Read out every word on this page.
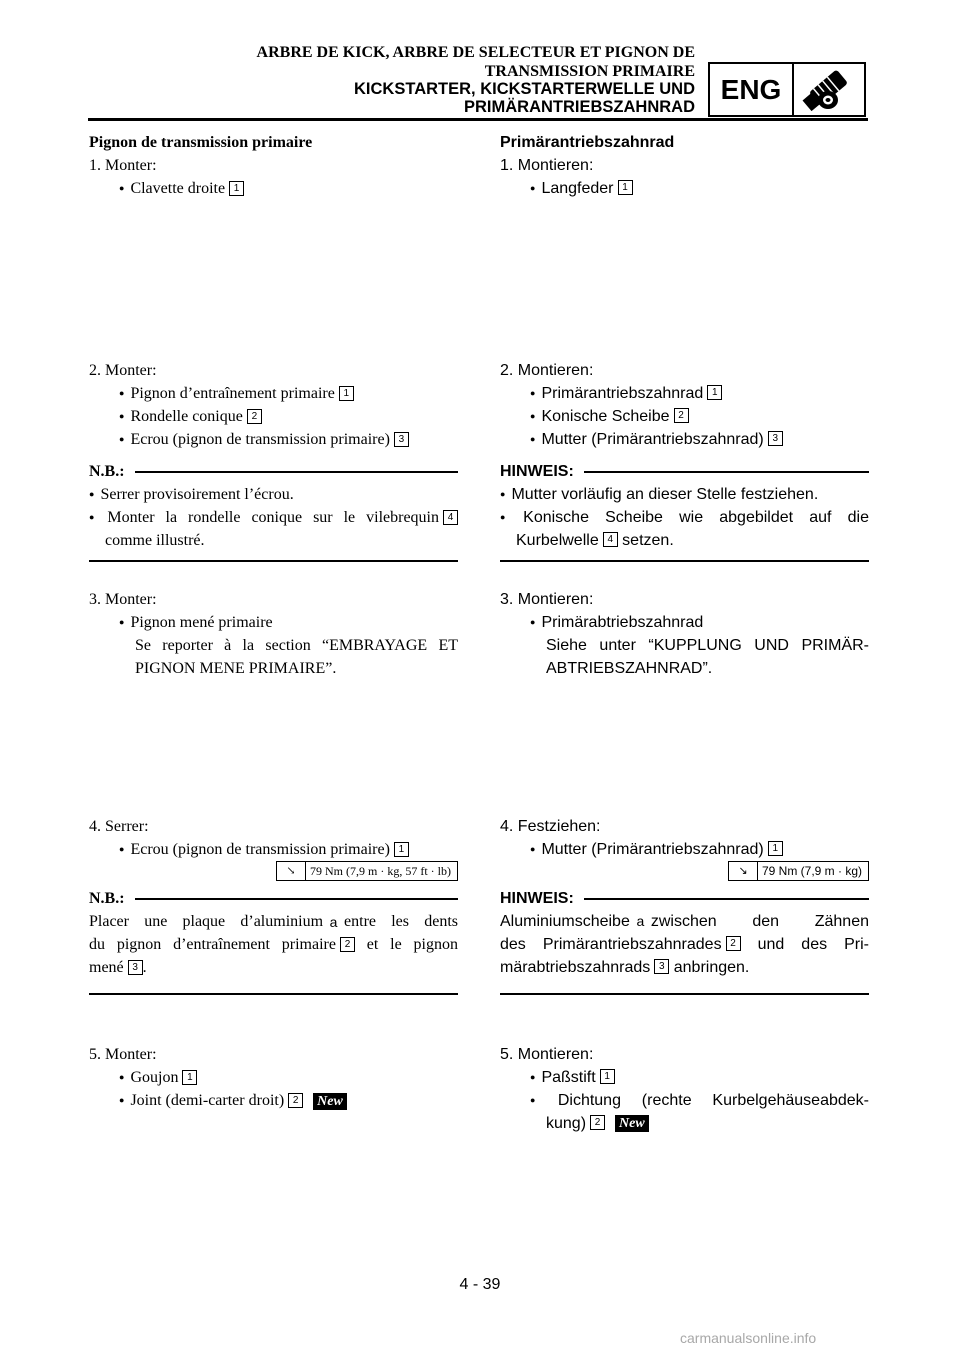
ARBRE DE KICK, ARBRE DE SELECTEUR ET PIGNON DE
TRANSMISSION PRIMAIRE
KICKSTARTER, KICKSTARTERWELLE UND
PRIMÄRANTRIEBSZAHNRAD
ENG
Pignon de transmission primaire
1. Monter:
● Clavette droite 1
2. Monter:
● Pignon d’entraînement primaire 1
● Rondelle conique 2
● Ecrou (pignon de transmission primaire) 3
N.B.:
● Serrer provisoirement l’écrou.
● Monter la rondelle conique sur le vilebrequin 4
comme illustré.
3. Monter:
● Pignon mené primaire
Se reporter à la section “EMBRAYAGE ET
PIGNON MENE PRIMAIRE”.
4. Serrer:
● Ecrou (pignon de transmission primaire) 1
↘	79 Nm (7,9 m · kg, 57 ft · lb)
N.B.:
Placer une plaque d’aluminium a entre les dents
du pignon d’entraînement primaire 2 et le pignon
mené 3 .
5. Monter:
● Goujon 1
● Joint (demi-carter droit) 2 New
Primärantriebszahnrad
1. Montieren:
● Langfeder 1
2. Montieren:
● Primärantriebszahnrad 1
● Konische Scheibe 2
● Mutter (Primärantriebszahnrad) 3
HINWEIS:
● Mutter vorläufig an dieser Stelle festziehen.
● Konische Scheibe wie abgebildet auf die
Kurbelwelle 4 setzen.
3. Montieren:
● Primärabtriebszahnrad
Siehe unter “KUPPLUNG UND PRIMÄR-
ABTRIEBSZAHNRAD”.
4. Festziehen:
● Mutter (Primärantriebszahnrad) 1
↘	79 Nm (7,9 m · kg)
HINWEIS:
Aluminiumscheibe a zwischen den Zähnen
des Primärantriebszahnrades 2 und des Pri-
märabtriebszahnrads 3 anbringen.
5. Montieren:
● Paßstift 1
● Dichtung (rechte Kurbelgehäuseabdek-
kung) 2 New
4 - 39
carmanualsonline.info
